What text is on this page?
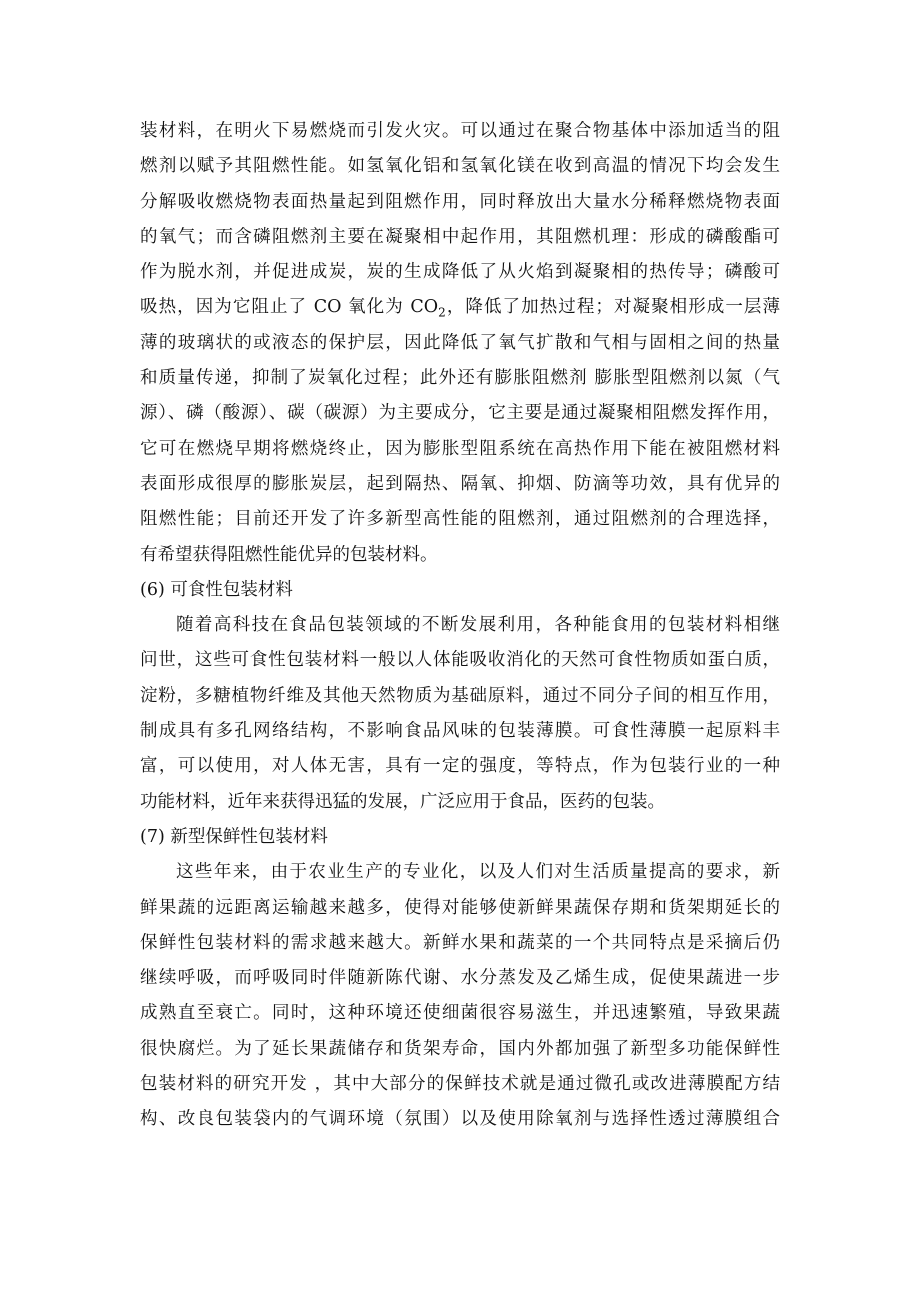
装材料，在明火下易燃烧而引发火灾。可以通过在聚合物基体中添加适当的阻
燃剂以赋予其阻燃性能。如氢氧化铝和氢氧化镁在收到高温的情况下均会发生
分解吸收燃烧物表面热量起到阻燃作用，同时释放出大量水分稀释燃烧物表面
的氧气；而含磷阻燃剂主要在凝聚相中起作用，其阻燃机理：形成的磷酸酯可
作为脱水剂，并促进成炭，炭的生成降低了从火焰到凝聚相的热传导；磷酸可
吸热，因为它阻止了 CO 氧化为 $CO_2$，降低了加热过程；对凝聚相形成一层薄
薄的玻璃状的或液态的保护层，因此降低了氧气扩散和气相与固相之间的热量
和质量传递，抑制了炭氧化过程；此外还有膨胀阻燃剂 膨胀型阻燃剂以氮（气
源）、磷（酸源）、碳（碳源）为主要成分，它主要是通过凝聚相阻燃发挥作用，
它可在燃烧早期将燃烧终止，因为膨胀型阻系统在高热作用下能在被阻燃材料
表面形成很厚的膨胀炭层，起到隔热、隔氧、抑烟、防滴等功效，具有优异的
阻燃性能；目前还开发了许多新型高性能的阻燃剂，通过阻燃剂的合理选择，
有希望获得阻燃性能优异的包装材料。
(6) 可食性包装材料
随着高科技在食品包装领域的不断发展利用，各种能食用的包装材料相继
问世，这些可食性包装材料一般以人体能吸收消化的天然可食性物质如蛋白质，
淀粉，多糖植物纤维及其他天然物质为基础原料，通过不同分子间的相互作用，
制成具有多孔网络结构，不影响食品风味的包装薄膜。可食性薄膜一起原料丰
富，可以使用，对人体无害，具有一定的强度，等特点，作为包装行业的一种
功能材料，近年来获得迅猛的发展，广泛应用于食品，医药的包装。
(7) 新型保鲜性包装材料
这些年来，由于农业生产的专业化，以及人们对生活质量提高的要求，新
鲜果蔬的远距离运输越来越多，使得对能够使新鲜果蔬保存期和货架期延长的
保鲜性包装材料的需求越来越大。新鲜水果和蔬菜的一个共同特点是采摘后仍
继续呼吸，而呼吸同时伴随新陈代谢、水分蒸发及乙烯生成，促使果蔬进一步
成熟直至衰亡。同时，这种环境还使细菌很容易滋生，并迅速繁殖，导致果蔬
很快腐烂。为了延长果蔬储存和货架寿命，国内外都加强了新型多功能保鲜性
包装材料的研究开发 ，其中大部分的保鲜技术就是通过微孔或改进薄膜配方结
构、改良包装袋内的气调环境（氛围）以及使用除氧剂与选择性透过薄膜组合
